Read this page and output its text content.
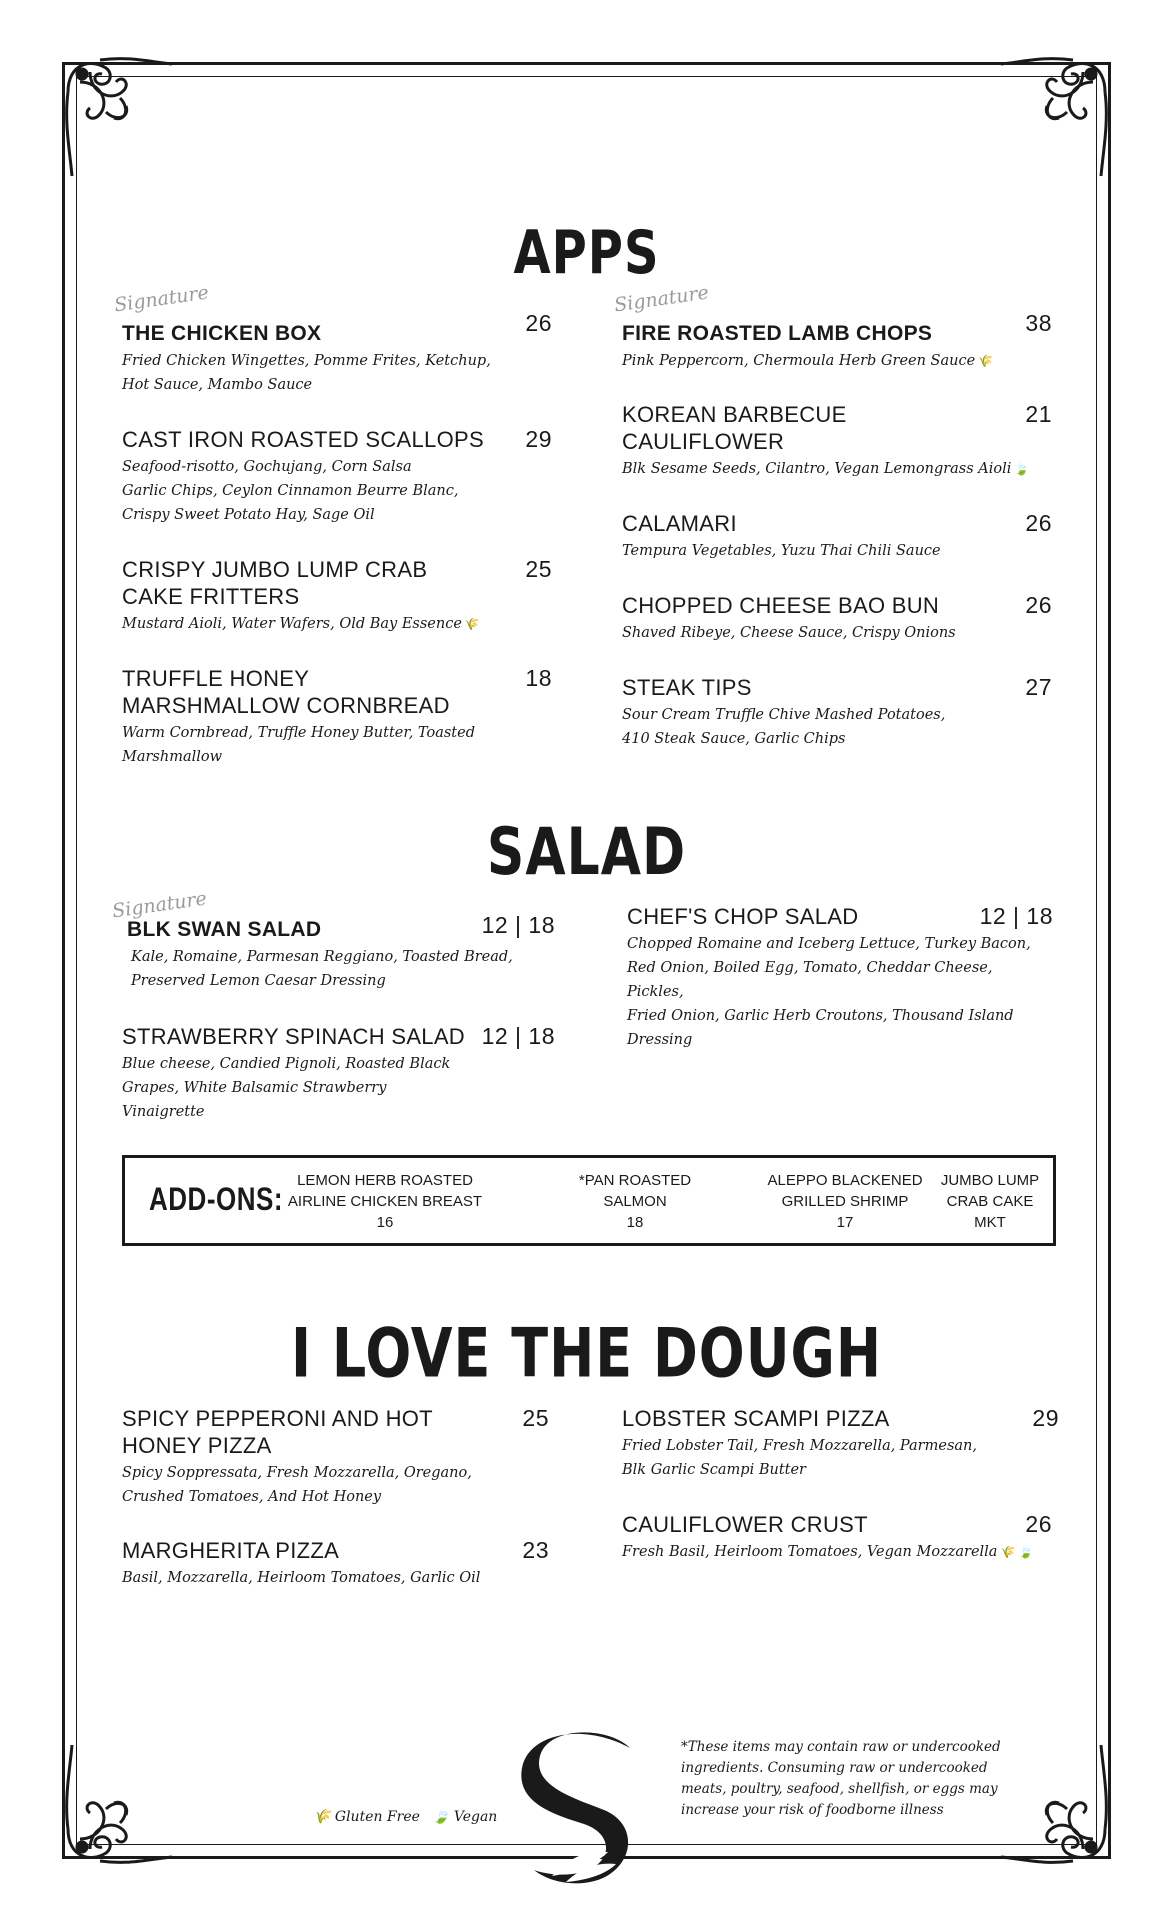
APPS
Signature
THE CHICKEN BOX	26
Fried Chicken Wingettes, Pomme Frites, Ketchup,
Hot Sauce, Mambo Sauce
CAST IRON ROASTED SCALLOPS	29
Seafood-risotto, Gochujang, Corn Salsa
Garlic Chips, Ceylon Cinnamon Beurre Blanc,
Crispy Sweet Potato Hay, Sage Oil
CRISPY JUMBO LUMP CRAB
CAKE FRITTERS
25
Mustard Aioli, Water Wafers, Old Bay Essence 🌾
TRUFFLE HONEY
MARSHMALLOW CORNBREAD
18
Warm Cornbread, Truffle Honey Butter, Toasted Marshmallow
Signature
FIRE ROASTED LAMB CHOPS	38
Pink Peppercorn, Chermoula Herb Green Sauce 🌾
KOREAN BARBECUE
CAULIFLOWER
21
Blk Sesame Seeds, Cilantro, Vegan Lemongrass Aioli 🍃
CALAMARI	26
Tempura Vegetables, Yuzu Thai Chili Sauce
CHOPPED CHEESE BAO BUN	26
Shaved Ribeye, Cheese Sauce, Crispy Onions
STEAK TIPS	27
Sour Cream Truffle Chive Mashed Potatoes,
410 Steak Sauce, Garlic Chips
SALAD
Signature
BLK SWAN SALAD	12 | 18
Kale, Romaine, Parmesan Reggiano, Toasted Bread,
Preserved Lemon Caesar Dressing
STRAWBERRY SPINACH SALAD 12 | 18
Blue cheese, Candied Pignoli, Roasted Black
Grapes, White Balsamic Strawberry
Vinaigrette
CHEF'S CHOP SALAD	12 | 18
Chopped Romaine and Iceberg Lettuce, Turkey Bacon,
Red Onion, Boiled Egg, Tomato, Cheddar Cheese, Pickles,
Fried Onion, Garlic Herb Croutons, Thousand Island Dressing
ADD-ONS: LEMON HERB ROASTED
AIRLINE CHICKEN BREAST
16
*PAN ROASTED
SALMON
18
ALEPPO BLACKENED
GRILLED SHRIMP
17
JUMBO LUMP
CRAB CAKE
MKT
I LOVE THE DOUGH
SPICY PEPPERONI AND HOT
HONEY PIZZA
25
Spicy Soppressata, Fresh Mozzarella, Oregano,
Crushed Tomatoes, And Hot Honey
MARGHERITA PIZZA	23
Basil, Mozzarella, Heirloom Tomatoes, Garlic Oil
LOBSTER SCAMPI PIZZA	29
Fried Lobster Tail, Fresh Mozzarella, Parmesan,
Blk Garlic Scampi Butter
CAULIFLOWER CRUST	26
Fresh Basil, Heirloom Tomatoes, Vegan Mozzarella 🌾 🍃
🌾 Gluten Free 🍃 Vegan
*These items may contain raw or undercooked
ingredients. Consuming raw or undercooked
meats, poultry, seafood, shellfish, or eggs may
increase your risk of foodborne illness
